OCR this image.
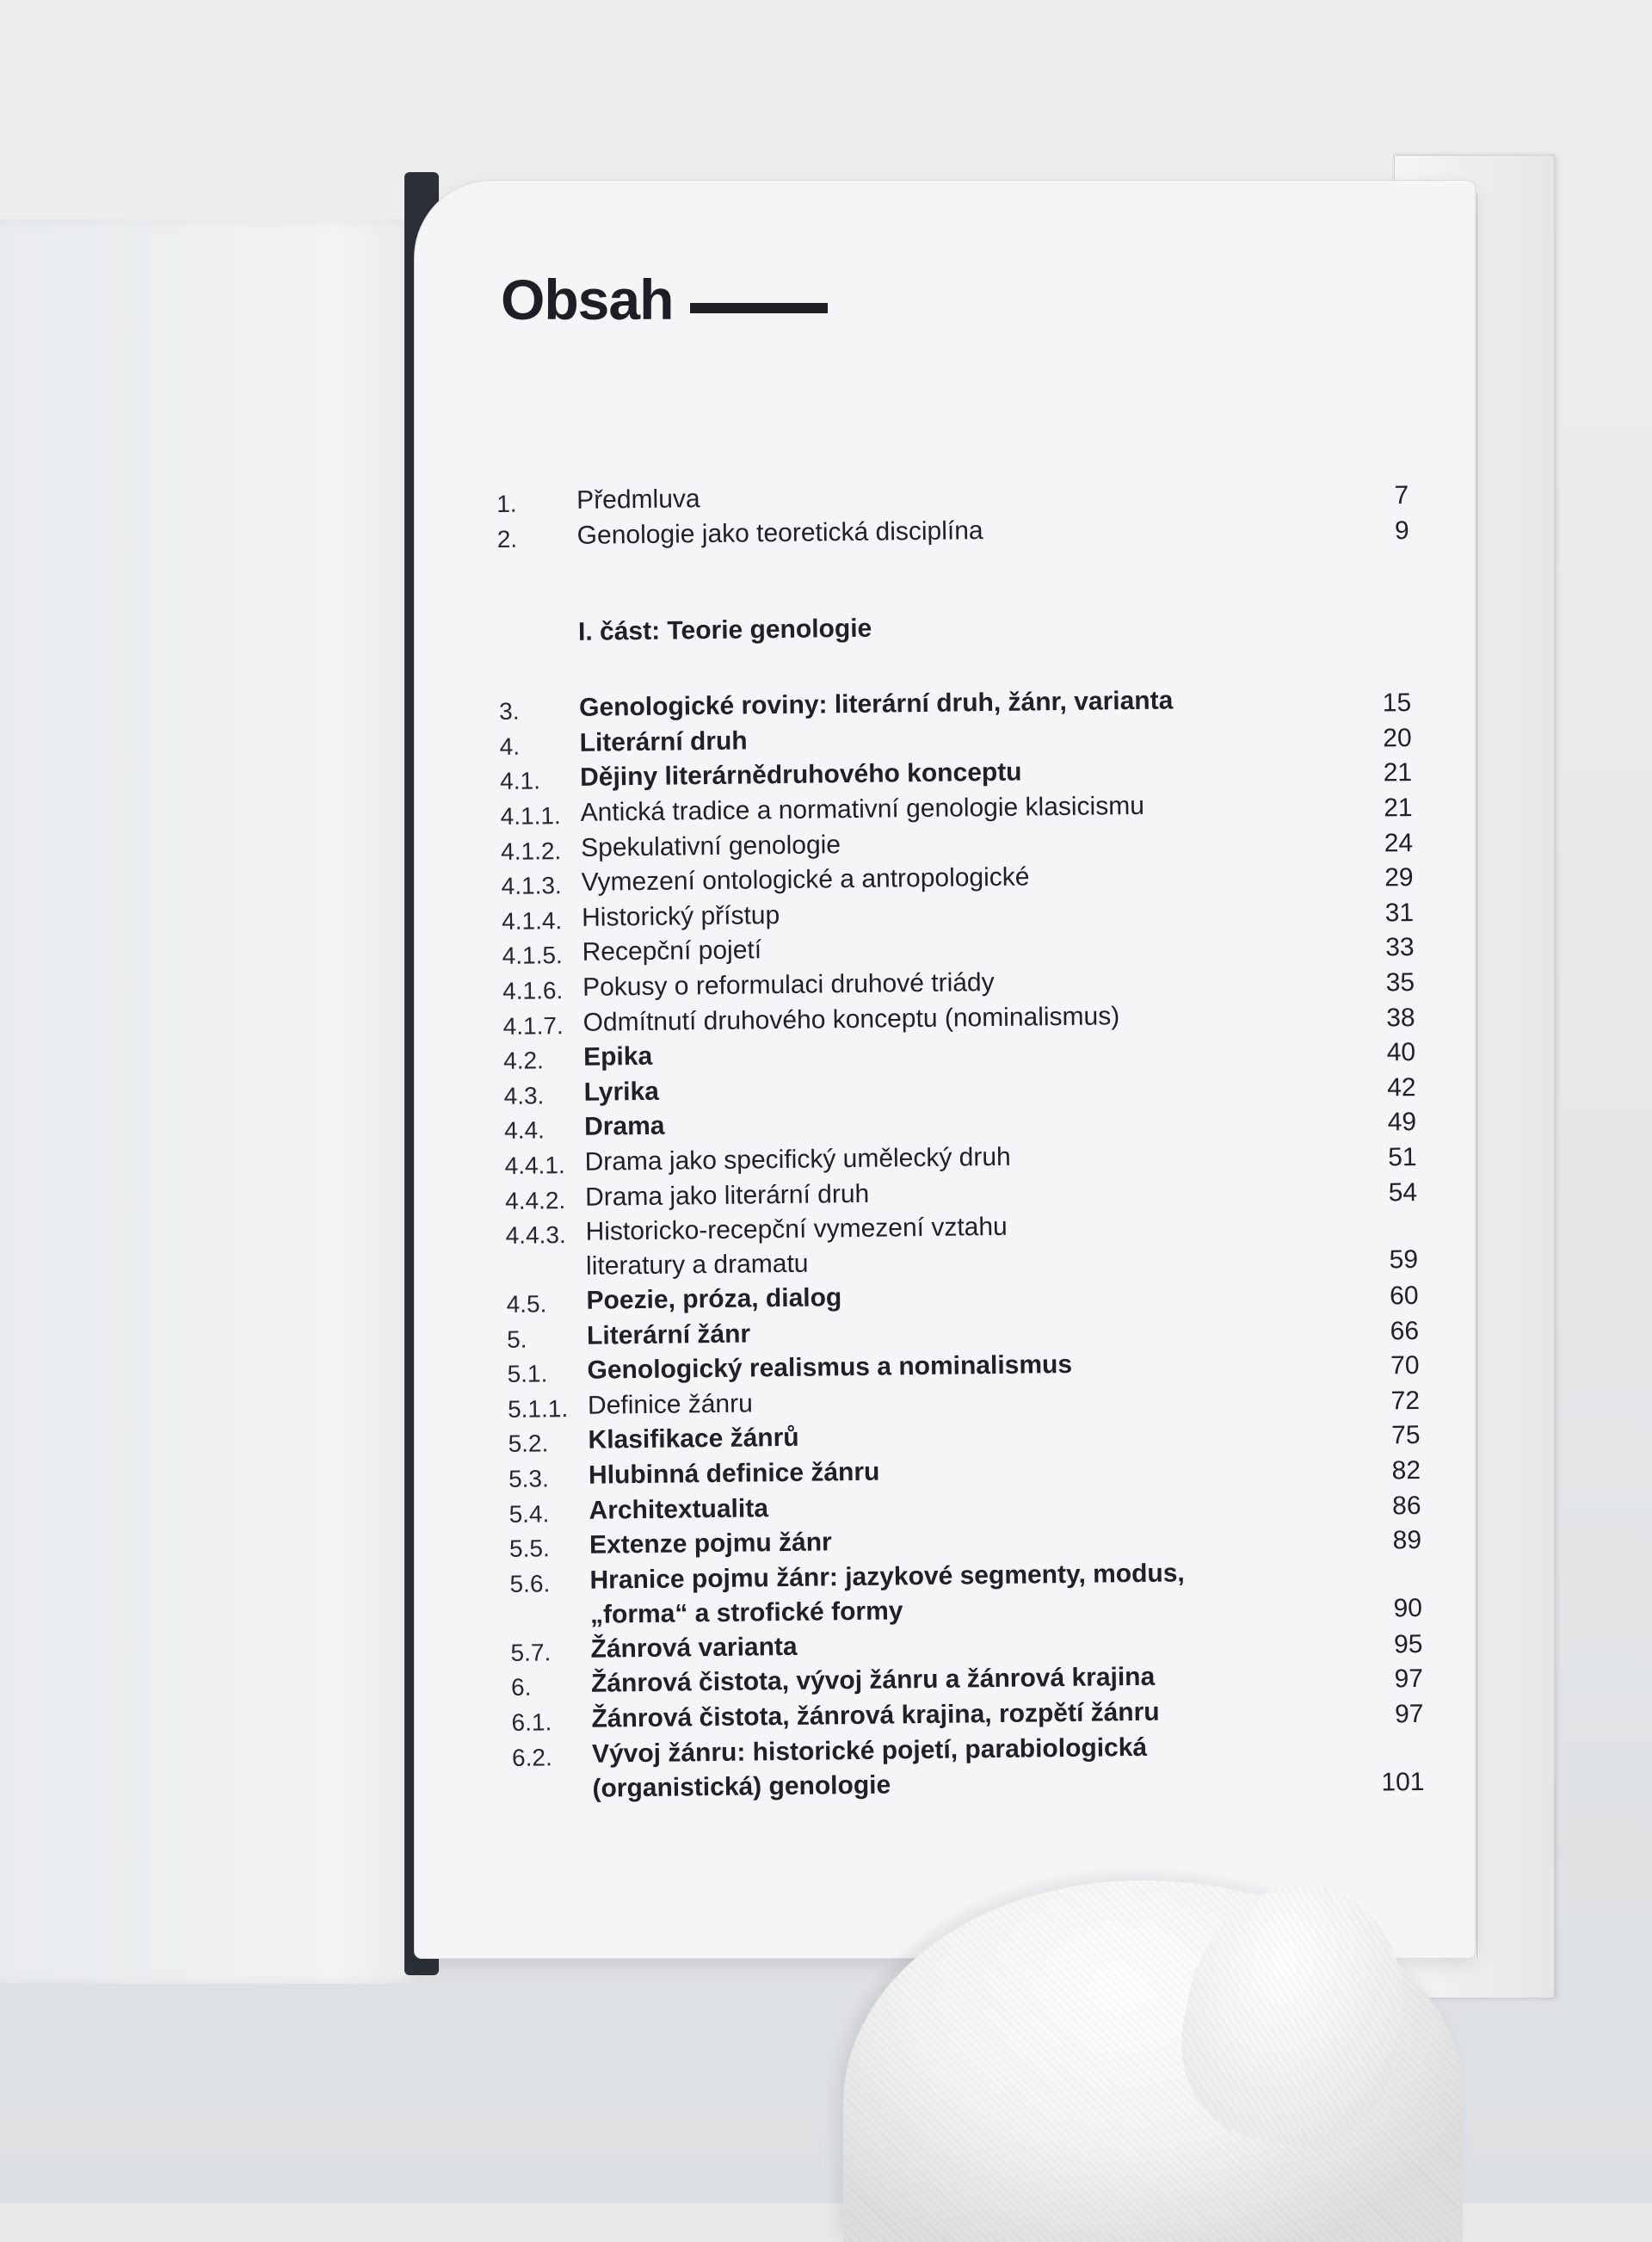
Obsah
1.	Předmluva	7
2.	Genologie jako teoretická disciplína	9
I. část: Teorie genologie
3.	Genologické roviny: literární druh, žánr, varianta	15
4.	Literární druh	20
4.1.	Dějiny literárnědruhového konceptu	21
4.1.1. Antická tradice a normativní genologie klasicismu	21
4.1.2. Spekulativní genologie	24
4.1.3. Vymezení ontologické a antropologické	29
4.1.4. Historický přístup	31
4.1.5. Recepční pojetí	33
4.1.6. Pokusy o reformulaci druhové triády	35
4.1.7. Odmítnutí druhového konceptu (nominalismus)	38
4.2.	Epika	40
4.3.	Lyrika	42
4.4.	Drama	49
4.4.1. Drama jako specifický umělecký druh	51
4.4.2. Drama jako literární druh	54
4.4.3. Historicko-recepční vymezení vztahu
literatury a dramatu	59
4.5.	Poezie, próza, dialog	60
5.	Literární žánr	66
5.1.	Genologický realismus a nominalismus	70
5.1.1. Definice žánru	72
5.2.	Klasifikace žánrů	75
5.3.	Hlubinná definice žánru	82
5.4.	Architextualita	86
5.5.	Extenze pojmu žánr	89
5.6.	Hranice pojmu žánr: jazykové segmenty, modus,
„forma“ a strofické formy	90
5.7.	Žánrová varianta	95
6.	Žánrová čistota, vývoj žánru a žánrová krajina	97
6.1.	Žánrová čistota, žánrová krajina, rozpětí žánru	97
6.2.	Vývoj žánru: historické pojetí, parabiologická
(organistická) genologie	101
